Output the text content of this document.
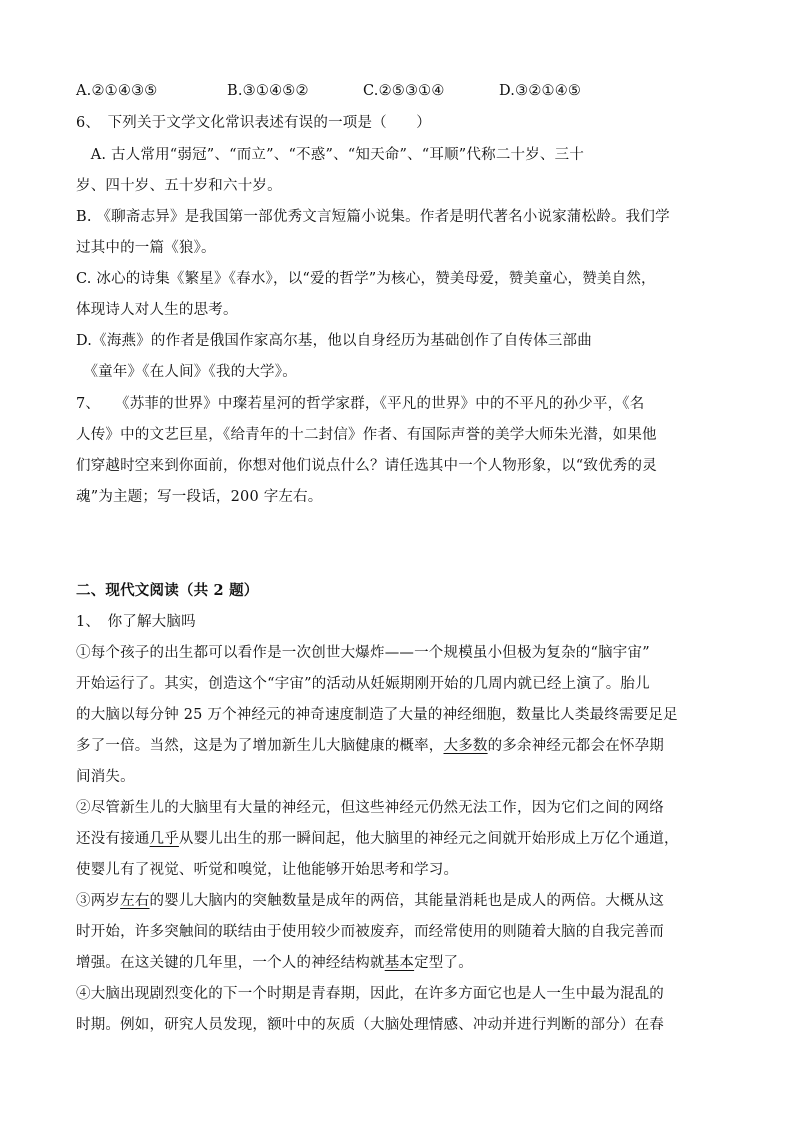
A.②①④③⑤	B.③①④⑤②	C.②⑤③①④	D.③②①④⑤
6、　下列关于文学文化常识表述有误的一项是（　　）
　A. 古人常用“弱冠”、“而立”、“不惑”、“知天命”、“耳顺”代称二十岁、三十
岁、四十岁、五十岁和六十岁。
B. 《聊斋志异》是我国第一部优秀文言短篇小说集。作者是明代著名小说家蒲松龄。我们学
过其中的一篇《狼》。
C. 冰心的诗集《繁星》《春水》，以“爱的哲学”为核心，赞美母爱，赞美童心，赞美自然，
体现诗人对人生的思考。
D.《海燕》的作者是俄国作家高尔基，他以自身经历为基础创作了自传体三部曲
　《童年》《在人间》《我的大学》。
7、　　《苏菲的世界》中璨若星河的哲学家群，《平凡的世界》中的不平凡的孙少平，《名
人传》中的文艺巨星，《给青年的十二封信》作者、有国际声誉的美学大师朱光潜，如果他
们穿越时空来到你面前，你想对他们说点什么？请任选其中一个人物形象，以“致优秀的灵
魂”为主题；写一段话，200 字左右。
二、现代文阅读（共 2 题）
1、　你了解大脑吗
①每个孩子的出生都可以看作是一次创世大爆炸——一个规模虽小但极为复杂的“脑宇宙”
开始运行了。其实，创造这个“宇宙”的活动从妊娠期刚开始的几周内就已经上演了。胎儿
的大脑以每分钟 25 万个神经元的神奇速度制造了大量的神经细胞，数量比人类最终需要足足
多了一倍。当然，这是为了增加新生儿大脑健康的概率，大多数的多余神经元都会在怀孕期
间消失。
②尽管新生儿的大脑里有大量的神经元，但这些神经元仍然无法工作，因为它们之间的网络
还没有接通几乎从婴儿出生的那一瞬间起，他大脑里的神经元之间就开始形成上万亿个通道，
使婴儿有了视觉、听觉和嗅觉，让他能够开始思考和学习。
③两岁左右的婴儿大脑内的突触数量是成年的两倍，其能量消耗也是成人的两倍。大概从这
时开始，许多突触间的联结由于使用较少而被废弃，而经常使用的则随着大脑的自我完善而
增强。在这关键的几年里，一个人的神经结构就基本定型了。
④大脑出现剧烈变化的下一个时期是青春期，因此，在许多方面它也是人一生中最为混乱的
时期。例如，研究人员发现，额叶中的灰质（大脑处理情感、冲动并进行判断的部分）在春
